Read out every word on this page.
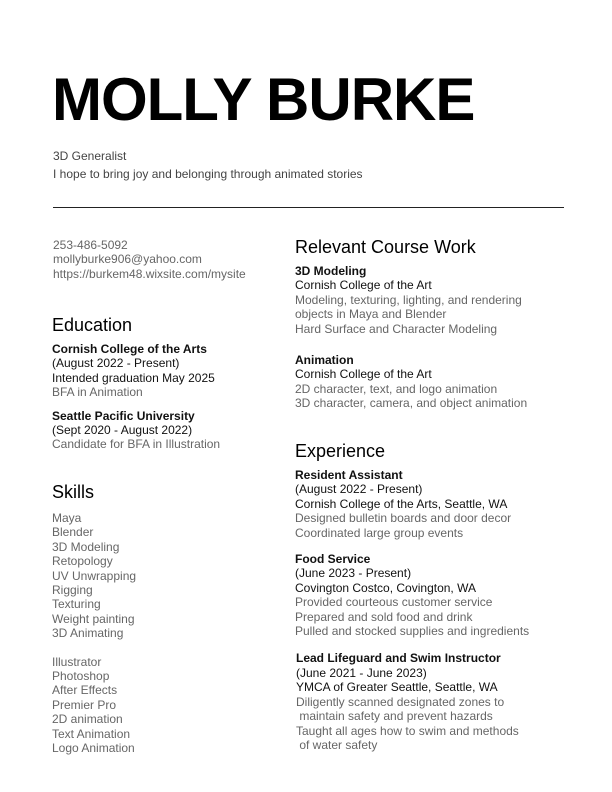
MOLLY BURKE
3D Generalist
I hope to bring joy and belonging through animated stories
253-486-5092
mollyburke906@yahoo.com
https://burkem48.wixsite.com/mysite
Education
Cornish College of the Arts
(August 2022 - Present)
Intended graduation May 2025
BFA in Animation
Seattle Pacific University
(Sept 2020 - August 2022)
Candidate for BFA in Illustration
Skills
Maya
Blender
3D Modeling
Retopology
UV Unwrapping
Rigging
Texturing
Weight painting
3D Animating
Illustrator
Photoshop
After Effects
Premier Pro
2D animation
Text Animation
Logo Animation
Relevant Course Work
3D Modeling
Cornish College of the Art
Modeling, texturing, lighting, and rendering
objects in Maya and Blender
Hard Surface and Character Modeling
Animation
Cornish College of the Art
2D character, text, and logo animation
3D character, camera, and object animation
Experience
Resident Assistant
(August 2022 - Present)
Cornish College of the Arts, Seattle, WA
Designed bulletin boards and door decor
Coordinated large group events
Food Service
(June 2023 - Present)
Covington Costco, Covington, WA
Provided courteous customer service
Prepared and sold food and drink
Pulled and stocked supplies and ingredients
Lead Lifeguard and Swim Instructor
(June 2021 - June 2023)
YMCA of Greater Seattle, Seattle, WA
Diligently scanned designated zones to
maintain safety and prevent hazards
Taught all ages how to swim and methods
of water safety
